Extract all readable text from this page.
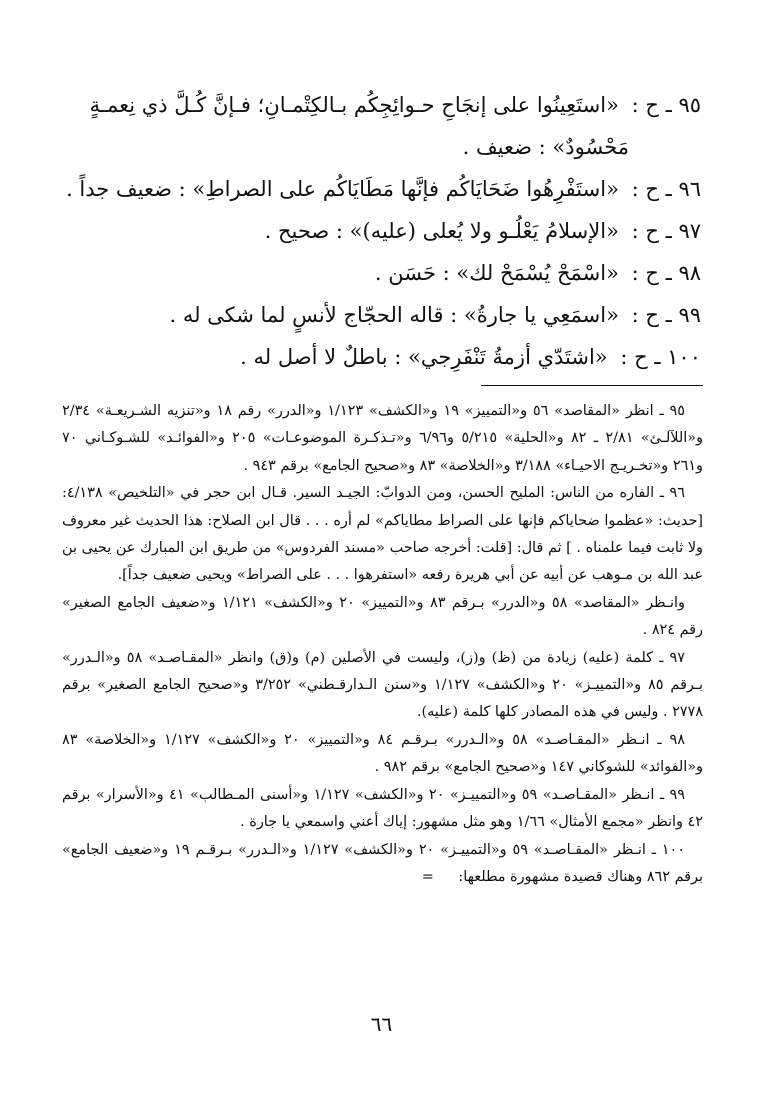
٩٥ ـ ح : «استَعِينُوا على إنجَاحِ حـوائِجِكُم بـالكِتْمـانِ؛ فـإنَّ كُـلَّ ذي نِعمـةٍ
مَحْسُودٌ» : ضعيف .

٩٦ ـ ح : «استَفْرِهُوا ضَحَايَاكُم فإنَّها مَطَايَاكُم على الصراطِ» : ضعيف جداً .

٩٧ ـ ح : «الإسلامُ يَعْلُـو ولا يُعلى (عليه)» : صحيح .

٩٨ ـ ح : «اسْمَحْ يُسْمَحْ لك» : حَسَن .

٩٩ ـ ح : «اسمَعِي يا جارةُ» : قاله الحجّاج لأنسٍ لما شكى له .

١٠٠ ـ ح : «اشتَدّي أزمةُ تَنْفَرِجي» : باطلٌ لا أصل له .

٩٥ ـ انظر «المقاصد» ٥٦ و«التمييز» ١٩ و«الكشف» ١/١٢٣ و«الدرر» رقم ١٨ و«تنزيه الشـريعـة» ٢/٣٤ و«اللآلـئ» ٢/٨١ ـ ٨٢ و«الحلية» ٥/٢١٥ و٦/٩٦ و«تـذكـرة الموضوعـات» ٢٠٥ و«الفوائـد» للشـوكـاني ٧٠ و٢٦١ و«تخـريـج الاحيـاء» ٣/١٨٨ و«الخلاصة» ٨٣ و«صحيح الجامع» برقم ٩٤٣ .

٩٦ ـ الفاره من الناس: المليح الحسن، ومن الدوابّ: الجيـد السير. قـال ابن حجر في «التلخيص» ٤/١٣٨: [حديث: «عظموا ضحاياكم فإنها على الصراط مطاياكم» لم أره . . . قال ابن الصلاح: هذا الحديث غير معروف ولا ثابت فيما علمناه . ] ثم قال: [قلت: أخرجه صاحب «مسند الفردوس» من طريق ابن المبارك عن يحيى بن عبد الله بن مـوهب عن أبيه عن أبي هريرة رفعه «استفرهوا . . . على الصراط» ويحيى ضعيف جداً].

وانـظر «المقاصد» ٥٨ و«الدرر» بـرقم ٨٣ و«التمييز» ٢٠ و«الكشف» ١/١٢١ و«ضعيف الجامع الصغير» رقم ٨٢٤ .

٩٧ ـ كلمة (عليه) زيادة من (ظ) و(ز)، وليست في الأصلين (م) و(ق) وانظر «المقـاصـد» ٥٨ و«الـدرر» بـرقم ٨٥ و«التمييـز» ٢٠ و«الكشف» ١/١٢٧ و«سنن الـدارقـطني» ٣/٢٥٢ و«صحيح الجامع الصغير» برقم ٢٧٧٨ . وليس في هذه المصادر كلها كلمة (عليه).

٩٨ ـ انـظر «المقـاصـد» ٥٨ و«الـدرر» بـرقـم ٨٤ و«التمييز» ٢٠ و«الكشف» ١/١٢٧ و«الخلاصة» ٨٣ و«الفوائد» للشوكاني ١٤٧ و«صحيح الجامع» برقم ٩٨٢ .

٩٩ ـ انـظر «المقـاصـد» ٥٩ و«التمييـز» ٢٠ و«الكشف» ١/١٢٧ و«أسنى المـطالب» ٤١ و«الأسرار» برقم ٤٢ وانظر «مجمع الأمثال» ١/٦٦ وهو مثل مشهور: إياك أعني واسمعي يا جارة .

١٠٠ ـ انـظر «المقـاصـد» ٥٩ و«التمييـز» ٢٠ و«الكشف» ١/١٢٧ و«الـدرر» بـرقـم ١٩ و«ضعيف الجامع» برقم ٨٦٢ وهناك قصيدة مشهورة مطلعها: =

٦٦
